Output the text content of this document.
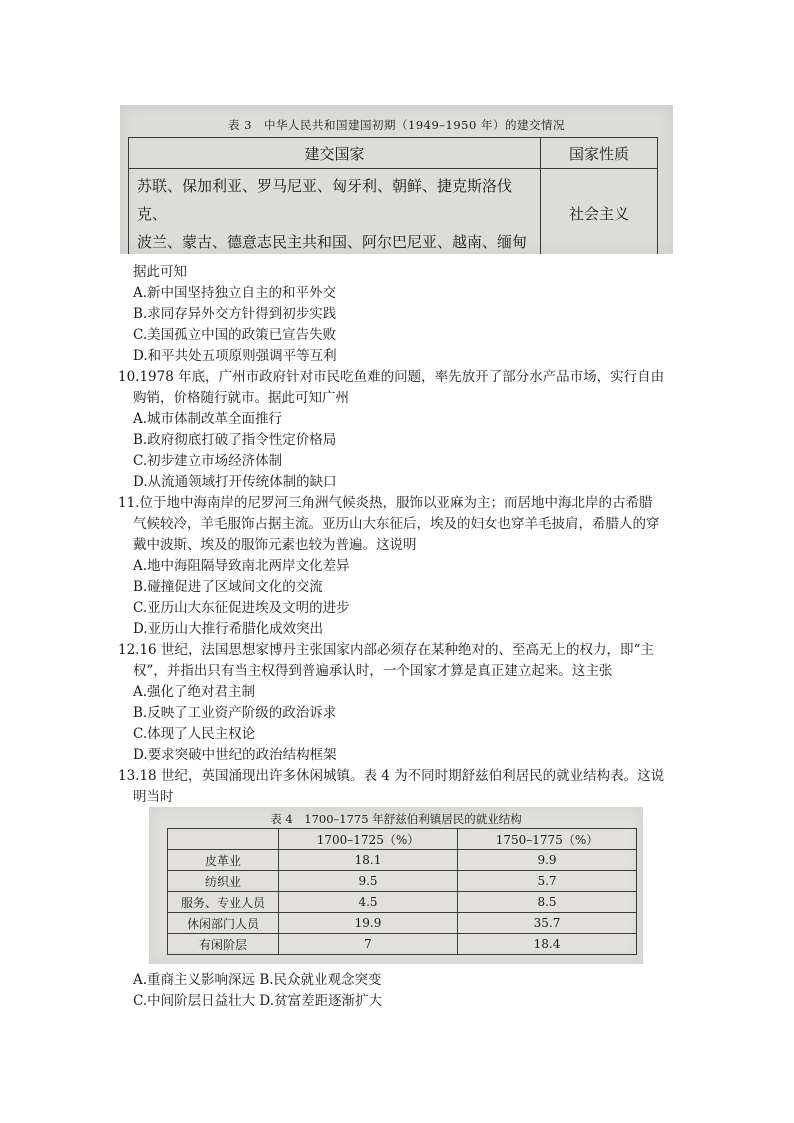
表 3　中华人民共和国建国初期（1949–1950 年）的建交情况
建交国家	国家性质

苏联、保加利亚、罗马尼亚、匈牙利、朝鲜、捷克斯洛伐克、
波兰、蒙古、德意志民主共和国、阿尔巴尼亚、越南、缅甸	社会主义

据此可知
A.新中国坚持独立自主的和平外交
B.求同存异外交方针得到初步实践
C.美国孤立中国的政策已宣告失败
D.和平共处五项原则强调平等互利
10.1978 年底，广州市政府针对市民吃鱼难的问题，率先放开了部分水产品市场，实行自由
购销，价格随行就市。据此可知广州
A.城市体制改革全面推行
B.政府彻底打破了指令性定价格局
C.初步建立市场经济体制
D.从流通领域打开传统体制的缺口
11.位于地中海南岸的尼罗河三角洲气候炎热，服饰以亚麻为主；而居地中海北岸的古希腊
气候较冷，羊毛服饰占据主流。亚历山大东征后，埃及的妇女也穿羊毛披肩，希腊人的穿
戴中波斯、埃及的服饰元素也较为普遍。这说明
A.地中海阻隔导致南北两岸文化差异
B.碰撞促进了区域间文化的交流
C.亚历山大东征促进埃及文明的进步
D.亚历山大推行希腊化成效突出
12.16 世纪，法国思想家博丹主张国家内部必须存在某种绝对的、至高无上的权力，即“主
权”，并指出只有当主权得到普遍承认时，一个国家才算是真正建立起来。这主张
A.强化了绝对君主制
B.反映了工业资产阶级的政治诉求
C.体现了人民主权论
D.要求突破中世纪的政治结构框架
13.18 世纪，英国涌现出许多休闲城镇。表 4 为不同时期舒兹伯利居民的就业结构表。这说
明当时
表 4　1700–1775 年舒兹伯利镇居民的就业结构
	1700–1725（%）	1750–1775（%）
皮革业	18.1	9.9
纺织业	9.5	5.7
服务、专业人员	4.5	8.5
休闲部门人员	19.9	35.7
有闲阶层	7	18.4
A.重商主义影响深远 B.民众就业观念突变
C.中间阶层日益壮大 D.贫富差距逐渐扩大
